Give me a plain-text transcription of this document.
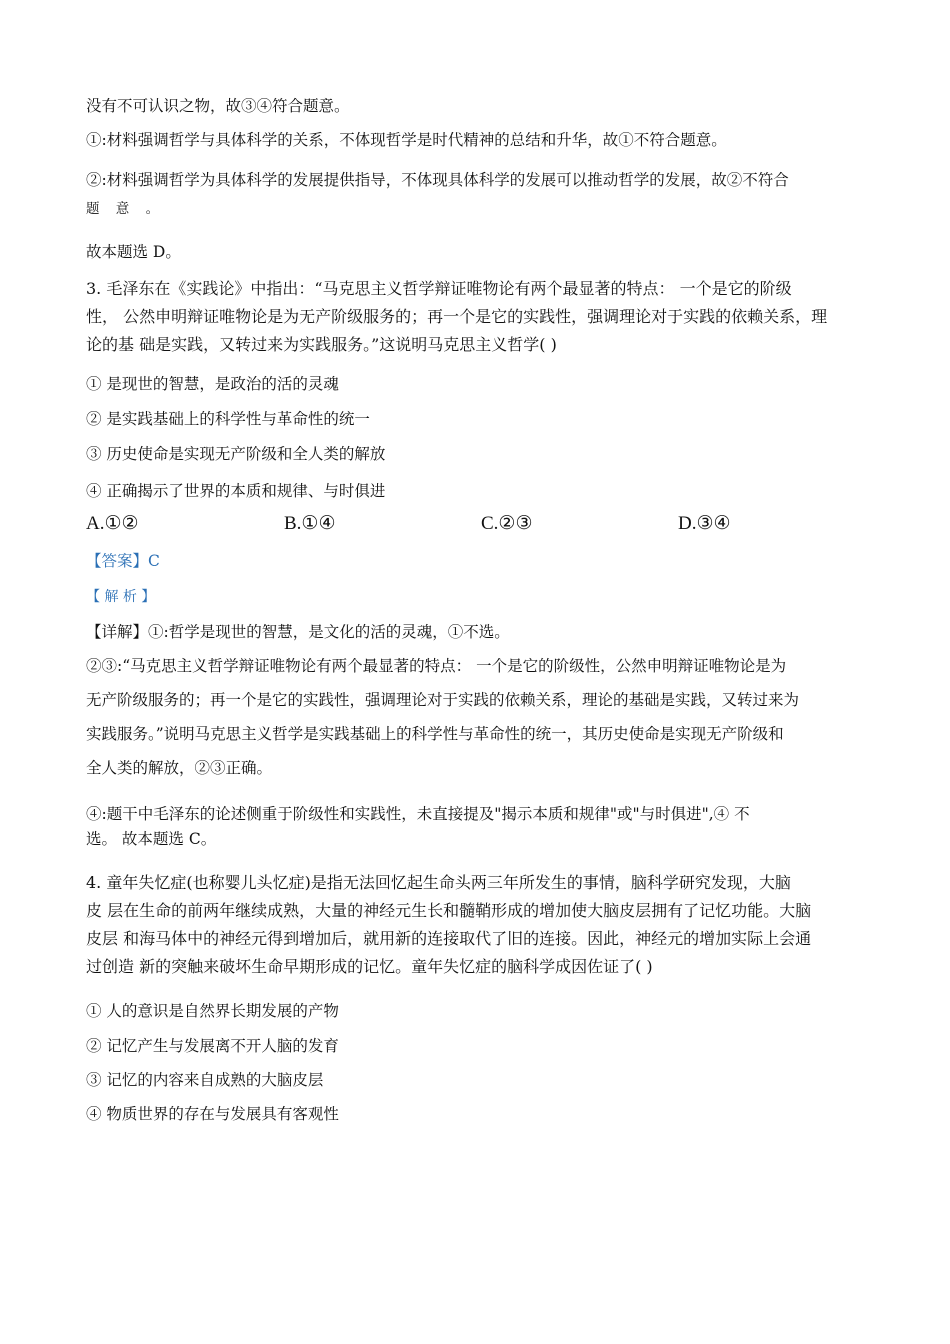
没有不可认识之物，故③④符合题意。
①:材料强调哲学与具体科学的关系，不体现哲学是时代精神的总结和升华，故①不符合题意。
②:材料强调哲学为具体科学的发展提供指导，不体现具体科学的发展可以推动哲学的发展，故②不符合
题 意 。
故本题选 D。
3. 毛泽东在《实践论》中指出：“马克思主义哲学辩证唯物论有两个最显著的特点： 一个是它的阶级
性， 公然申明辩证唯物论是为无产阶级服务的；再一个是它的实践性，强调理论对于实践的依赖关系，理
论的基 础是实践，又转过来为实践服务。”这说明马克思主义哲学( )
① 是现世的智慧，是政治的活的灵魂
② 是实践基础上的科学性与革命性的统一
③ 历史使命是实现无产阶级和全人类的解放
④ 正确揭示了世界的本质和规律、与时俱进
A.①②	B.①④	C.②③	D.③④
【答案】C
【 解 析 】
【详解】①:哲学是现世的智慧，是文化的活的灵魂，①不选。
②③:“马克思主义哲学辩证唯物论有两个最显著的特点： 一个是它的阶级性，公然申明辩证唯物论是为
无产阶级服务的；再一个是它的实践性，强调理论对于实践的依赖关系，理论的基础是实践，又转过来为
实践服务。”说明马克思主义哲学是实践基础上的科学性与革命性的统一，其历史使命是实现无产阶级和
全人类的解放，②③正确。
④:题干中毛泽东的论述侧重于阶级性和实践性，未直接提及"揭示本质和规律"或"与时俱进",④ 不
选。 故本题选 C。
4. 童年失忆症(也称婴儿头忆症)是指无法回忆起生命头两三年所发生的事情，脑科学研究发现，大脑
皮 层在生命的前两年继续成熟，大量的神经元生长和髓鞘形成的增加使大脑皮层拥有了记忆功能。大脑
皮层 和海马体中的神经元得到增加后，就用新的连接取代了旧的连接。因此，神经元的增加实际上会通
过创造 新的突触来破坏生命早期形成的记忆。童年失忆症的脑科学成因佐证了( )
① 人的意识是自然界长期发展的产物
② 记忆产生与发展离不开人脑的发育
③ 记忆的内容来自成熟的大脑皮层
④ 物质世界的存在与发展具有客观性
